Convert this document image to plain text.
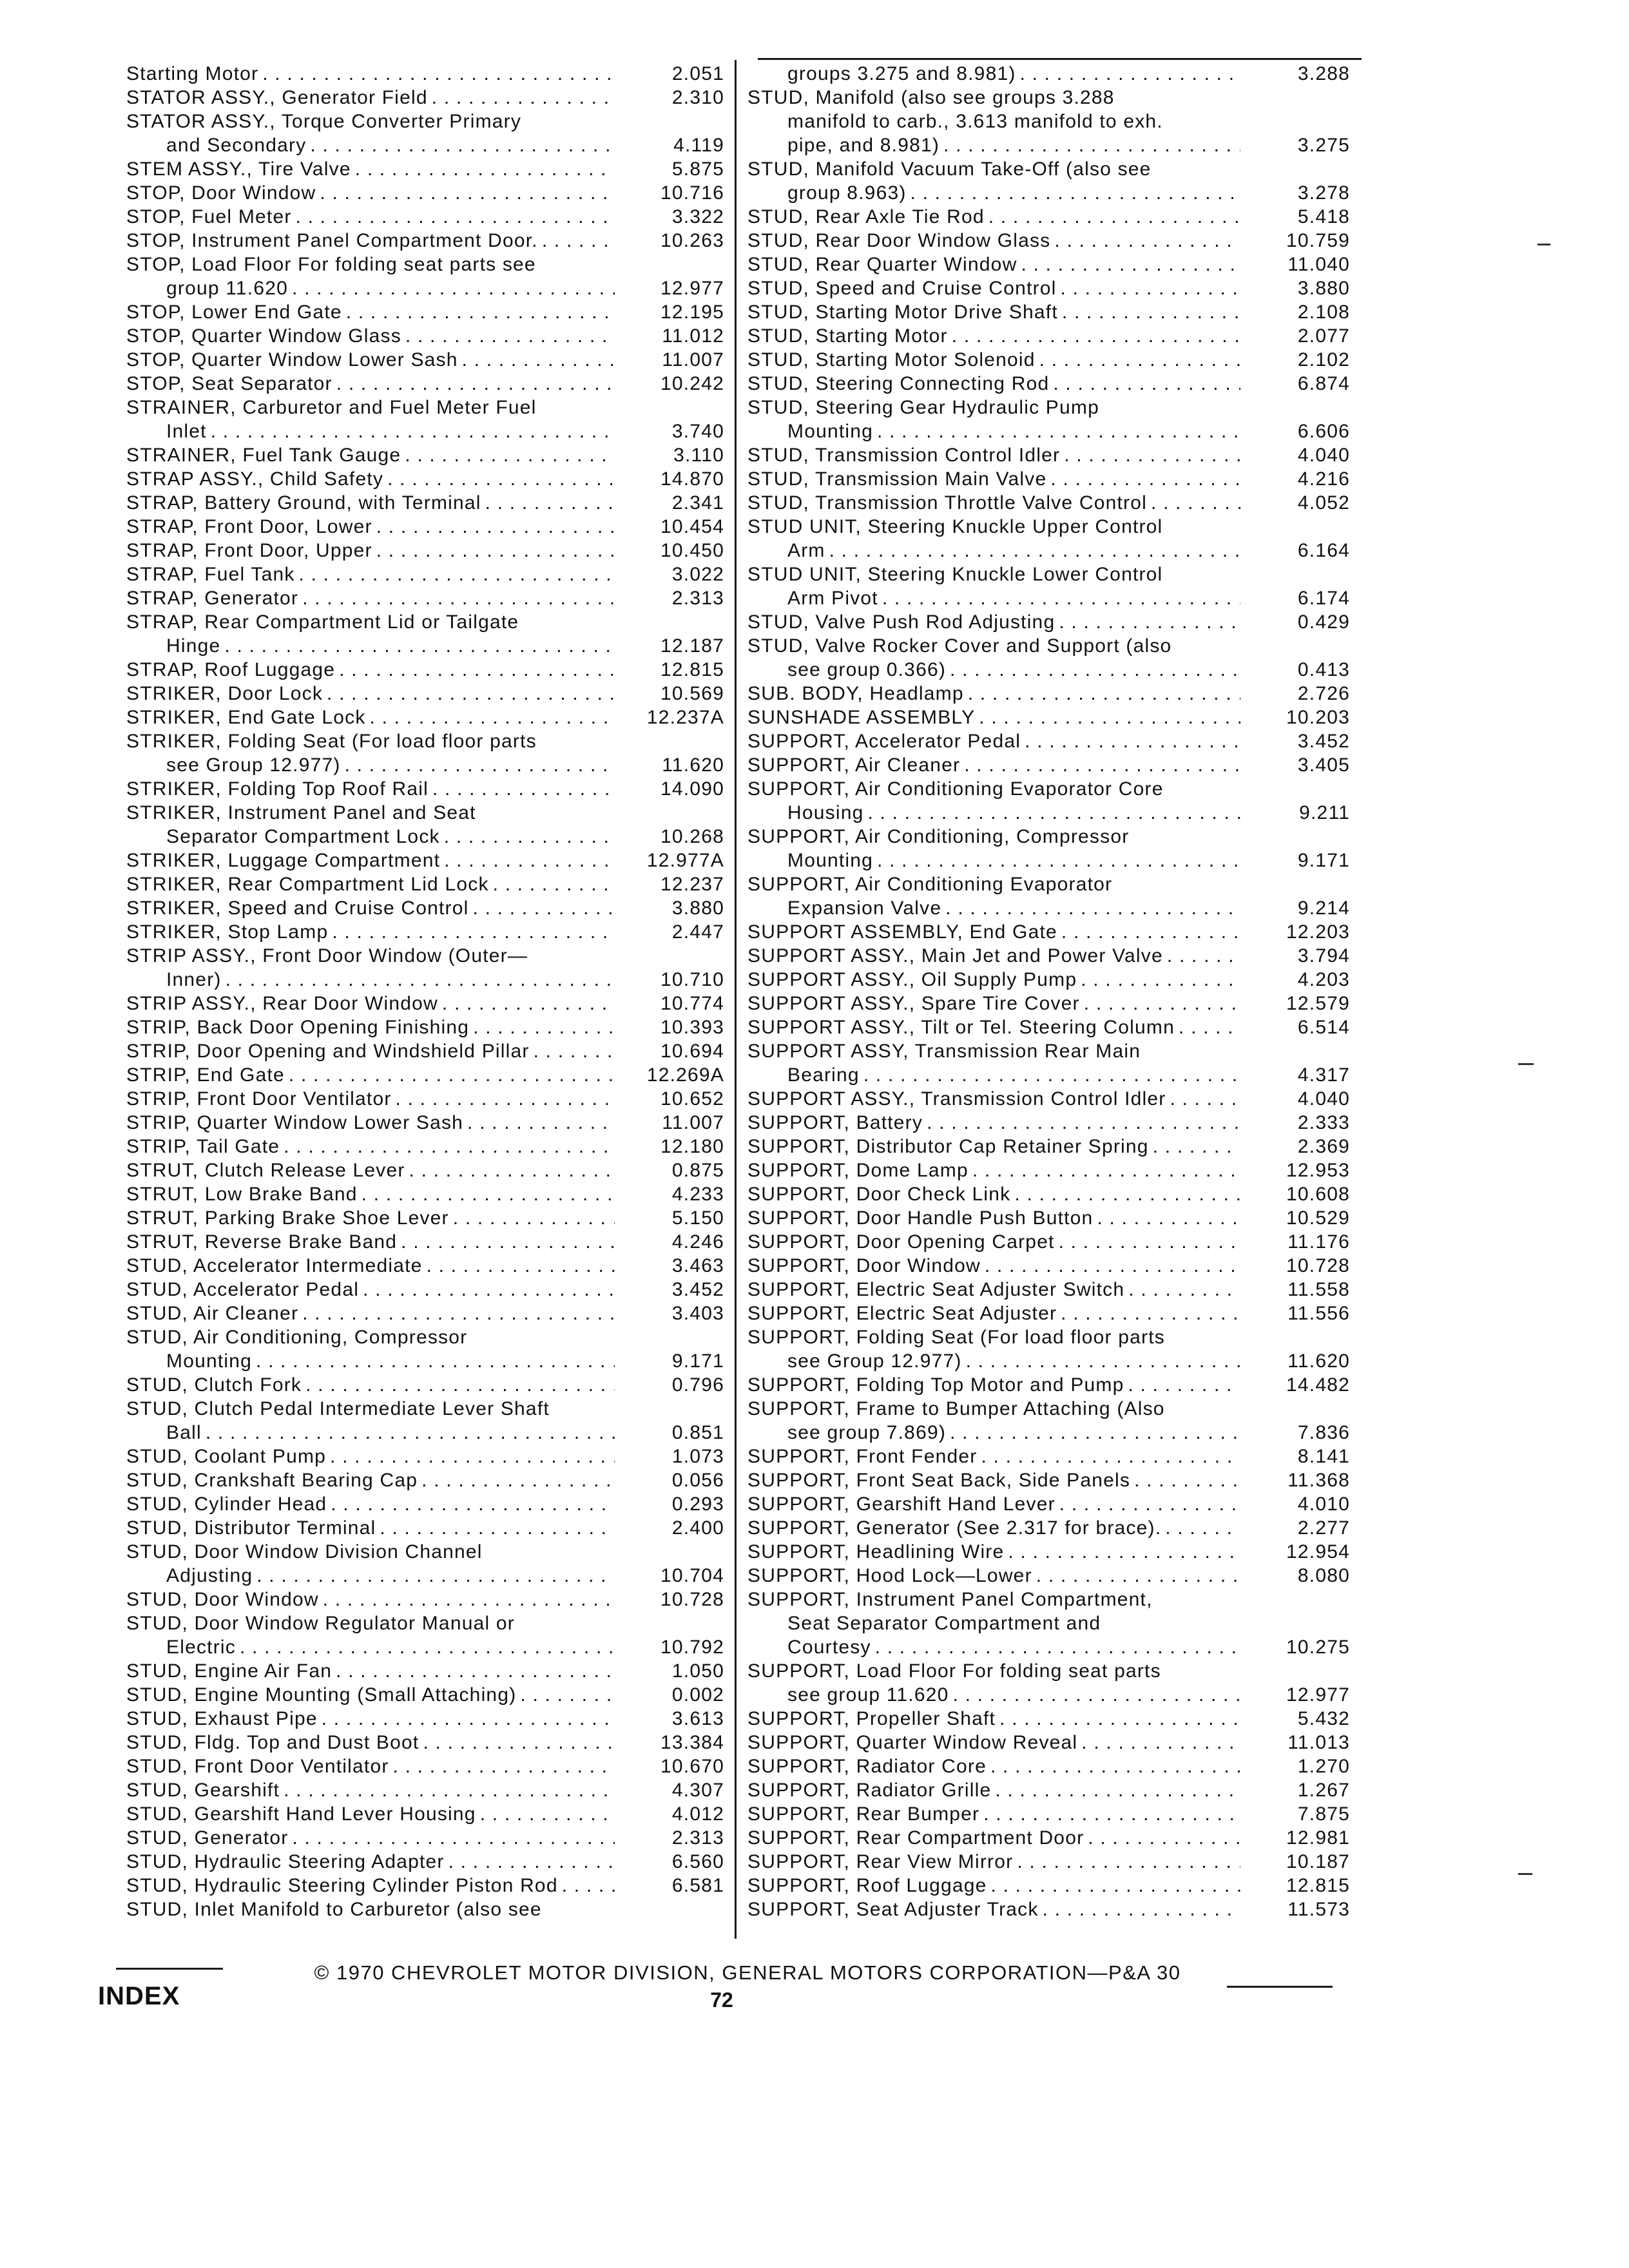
Starting Motor . . .	2.051
STATOR ASSY., Generator Field . . .	2.310
STATOR ASSY., Torque Converter Primary
and Secondary . . .	4.119
STEM ASSY., Tire Valve . . .	5.875
STOP, Door Window . . .	10.716
STOP, Fuel Meter . . .	3.322
STOP, Instrument Panel Compartment Door. . . .	10.263
STOP, Load Floor For folding seat parts see
group 11.620 . . .	12.977
STOP, Lower End Gate . . .	12.195
STOP, Quarter Window Glass . . .	11.012
STOP, Quarter Window Lower Sash . . .	11.007
STOP, Seat Separator . . .	10.242
STRAINER, Carburetor and Fuel Meter Fuel
Inlet . . .	3.740
STRAINER, Fuel Tank Gauge . . .	3.110
STRAP ASSY., Child Safety . . .	14.870
STRAP, Battery Ground, with Terminal . . .	2.341
STRAP, Front Door, Lower . . .	10.454
STRAP, Front Door, Upper . . .	10.450
STRAP, Fuel Tank . . .	3.022
STRAP, Generator . . .	2.313
STRAP, Rear Compartment Lid or Tailgate
Hinge . . .	12.187
STRAP, Roof Luggage . . .	12.815
STRIKER, Door Lock . . .	10.569
STRIKER, End Gate Lock . . .	12.237A
STRIKER, Folding Seat (For load floor parts
see Group 12.977) . . .	11.620
STRIKER, Folding Top Roof Rail . . .	14.090
STRIKER, Instrument Panel and Seat
Separator Compartment Lock . . .	10.268
STRIKER, Luggage Compartment . . .	12.977A
STRIKER, Rear Compartment Lid Lock . . .	12.237
STRIKER, Speed and Cruise Control . . .	3.880
STRIKER, Stop Lamp . . .	2.447
STRIP ASSY., Front Door Window (Outer—
Inner) . . .	10.710
STRIP ASSY., Rear Door Window . . .	10.774
STRIP, Back Door Opening Finishing . . .	10.393
STRIP, Door Opening and Windshield Pillar . . .	10.694
STRIP, End Gate . . .	12.269A
STRIP, Front Door Ventilator . . .	10.652
STRIP, Quarter Window Lower Sash . . .	11.007
STRIP, Tail Gate . . .	12.180
STRUT, Clutch Release Lever . . .	0.875
STRUT, Low Brake Band . . .	4.233
STRUT, Parking Brake Shoe Lever . . .	5.150
STRUT, Reverse Brake Band . . .	4.246
STUD, Accelerator Intermediate . . .	3.463
STUD, Accelerator Pedal . . .	3.452
STUD, Air Cleaner . . .	3.403
STUD, Air Conditioning, Compressor
Mounting . . .	9.171
STUD, Clutch Fork . . .	0.796
STUD, Clutch Pedal Intermediate Lever Shaft
Ball . . .	0.851
STUD, Coolant Pump . . .	1.073
STUD, Crankshaft Bearing Cap . . .	0.056
STUD, Cylinder Head . . .	0.293
STUD, Distributor Terminal . . .	2.400
STUD, Door Window Division Channel
Adjusting . . .	10.704
STUD, Door Window . . .	10.728
STUD, Door Window Regulator Manual or
Electric . . .	10.792
STUD, Engine Air Fan . . .	1.050
STUD, Engine Mounting (Small Attaching) . . .	0.002
STUD, Exhaust Pipe . . .	3.613
STUD, Fldg. Top and Dust Boot . . .	13.384
STUD, Front Door Ventilator . . .	10.670
STUD, Gearshift . . .	4.307
STUD, Gearshift Hand Lever Housing . . .	4.012
STUD, Generator . . .	2.313
STUD, Hydraulic Steering Adapter . . .	6.560
STUD, Hydraulic Steering Cylinder Piston Rod . . .	6.581
STUD, Inlet Manifold to Carburetor (also see
groups 3.275 and 8.981) . . .	3.288
STUD, Manifold (also see groups 3.288
manifold to carb., 3.613 manifold to exh.
pipe, and 8.981) . . .	3.275
STUD, Manifold Vacuum Take-Off (also see
group 8.963) . . .	3.278
STUD, Rear Axle Tie Rod . . .	5.418
STUD, Rear Door Window Glass . . .	10.759
STUD, Rear Quarter Window . . .	11.040
STUD, Speed and Cruise Control . . .	3.880
STUD, Starting Motor Drive Shaft . . .	2.108
STUD, Starting Motor . . .	2.077
STUD, Starting Motor Solenoid . . .	2.102
STUD, Steering Connecting Rod . . .	6.874
STUD, Steering Gear Hydraulic Pump
Mounting . . .	6.606
STUD, Transmission Control Idler . . .	4.040
STUD, Transmission Main Valve . . .	4.216
STUD, Transmission Throttle Valve Control . . .	4.052
STUD UNIT, Steering Knuckle Upper Control
Arm . . .	6.164
STUD UNIT, Steering Knuckle Lower Control
Arm Pivot . . .	6.174
STUD, Valve Push Rod Adjusting . . .	0.429
STUD, Valve Rocker Cover and Support (also
see group 0.366) . . .	0.413
SUB. BODY, Headlamp . . .	2.726
SUNSHADE ASSEMBLY . . .	10.203
SUPPORT, Accelerator Pedal . . .	3.452
SUPPORT, Air Cleaner . . .	3.405
SUPPORT, Air Conditioning Evaporator Core
Housing . . .	9.211
SUPPORT, Air Conditioning, Compressor
Mounting . . .	9.171
SUPPORT, Air Conditioning Evaporator
Expansion Valve . . .	9.214
SUPPORT ASSEMBLY, End Gate . . .	12.203
SUPPORT ASSY., Main Jet and Power Valve . . .	3.794
SUPPORT ASSY., Oil Supply Pump . . .	4.203
SUPPORT ASSY., Spare Tire Cover . . .	12.579
SUPPORT ASSY., Tilt or Tel. Steering Column . . .	6.514
SUPPORT ASSY, Transmission Rear Main
Bearing . . .	4.317
SUPPORT ASSY., Transmission Control Idler . . .	4.040
SUPPORT, Battery . . .	2.333
SUPPORT, Distributor Cap Retainer Spring . . .	2.369
SUPPORT, Dome Lamp . . .	12.953
SUPPORT, Door Check Link . . .	10.608
SUPPORT, Door Handle Push Button . . .	10.529
SUPPORT, Door Opening Carpet . . .	11.176
SUPPORT, Door Window . . .	10.728
SUPPORT, Electric Seat Adjuster Switch . . .	11.558
SUPPORT, Electric Seat Adjuster . . .	11.556
SUPPORT, Folding Seat (For load floor parts
see Group 12.977) . . .	11.620
SUPPORT, Folding Top Motor and Pump . . .	14.482
SUPPORT, Frame to Bumper Attaching (Also
see group 7.869) . . .	7.836
SUPPORT, Front Fender . . .	8.141
SUPPORT, Front Seat Back, Side Panels . . .	11.368
SUPPORT, Gearshift Hand Lever . . .	4.010
SUPPORT, Generator (See 2.317 for brace). . . .	2.277
SUPPORT, Headlining Wire . . .	12.954
SUPPORT, Hood Lock—Lower . . .	8.080
SUPPORT, Instrument Panel Compartment,
Seat Separator Compartment and
Courtesy . . .	10.275
SUPPORT, Load Floor For folding seat parts
see group 11.620 . . .	12.977
SUPPORT, Propeller Shaft . . .	5.432
SUPPORT, Quarter Window Reveal . . .	11.013
SUPPORT, Radiator Core . . .	1.270
SUPPORT, Radiator Grille . . .	1.267
SUPPORT, Rear Bumper . . .	7.875
SUPPORT, Rear Compartment Door . . .	12.981
SUPPORT, Rear View Mirror . . .	10.187
SUPPORT, Roof Luggage . . .	12.815
SUPPORT, Seat Adjuster Track . . .	11.573
INDEX
© 1970 CHEVROLET MOTOR DIVISION, GENERAL MOTORS CORPORATION—P&A 30
72
